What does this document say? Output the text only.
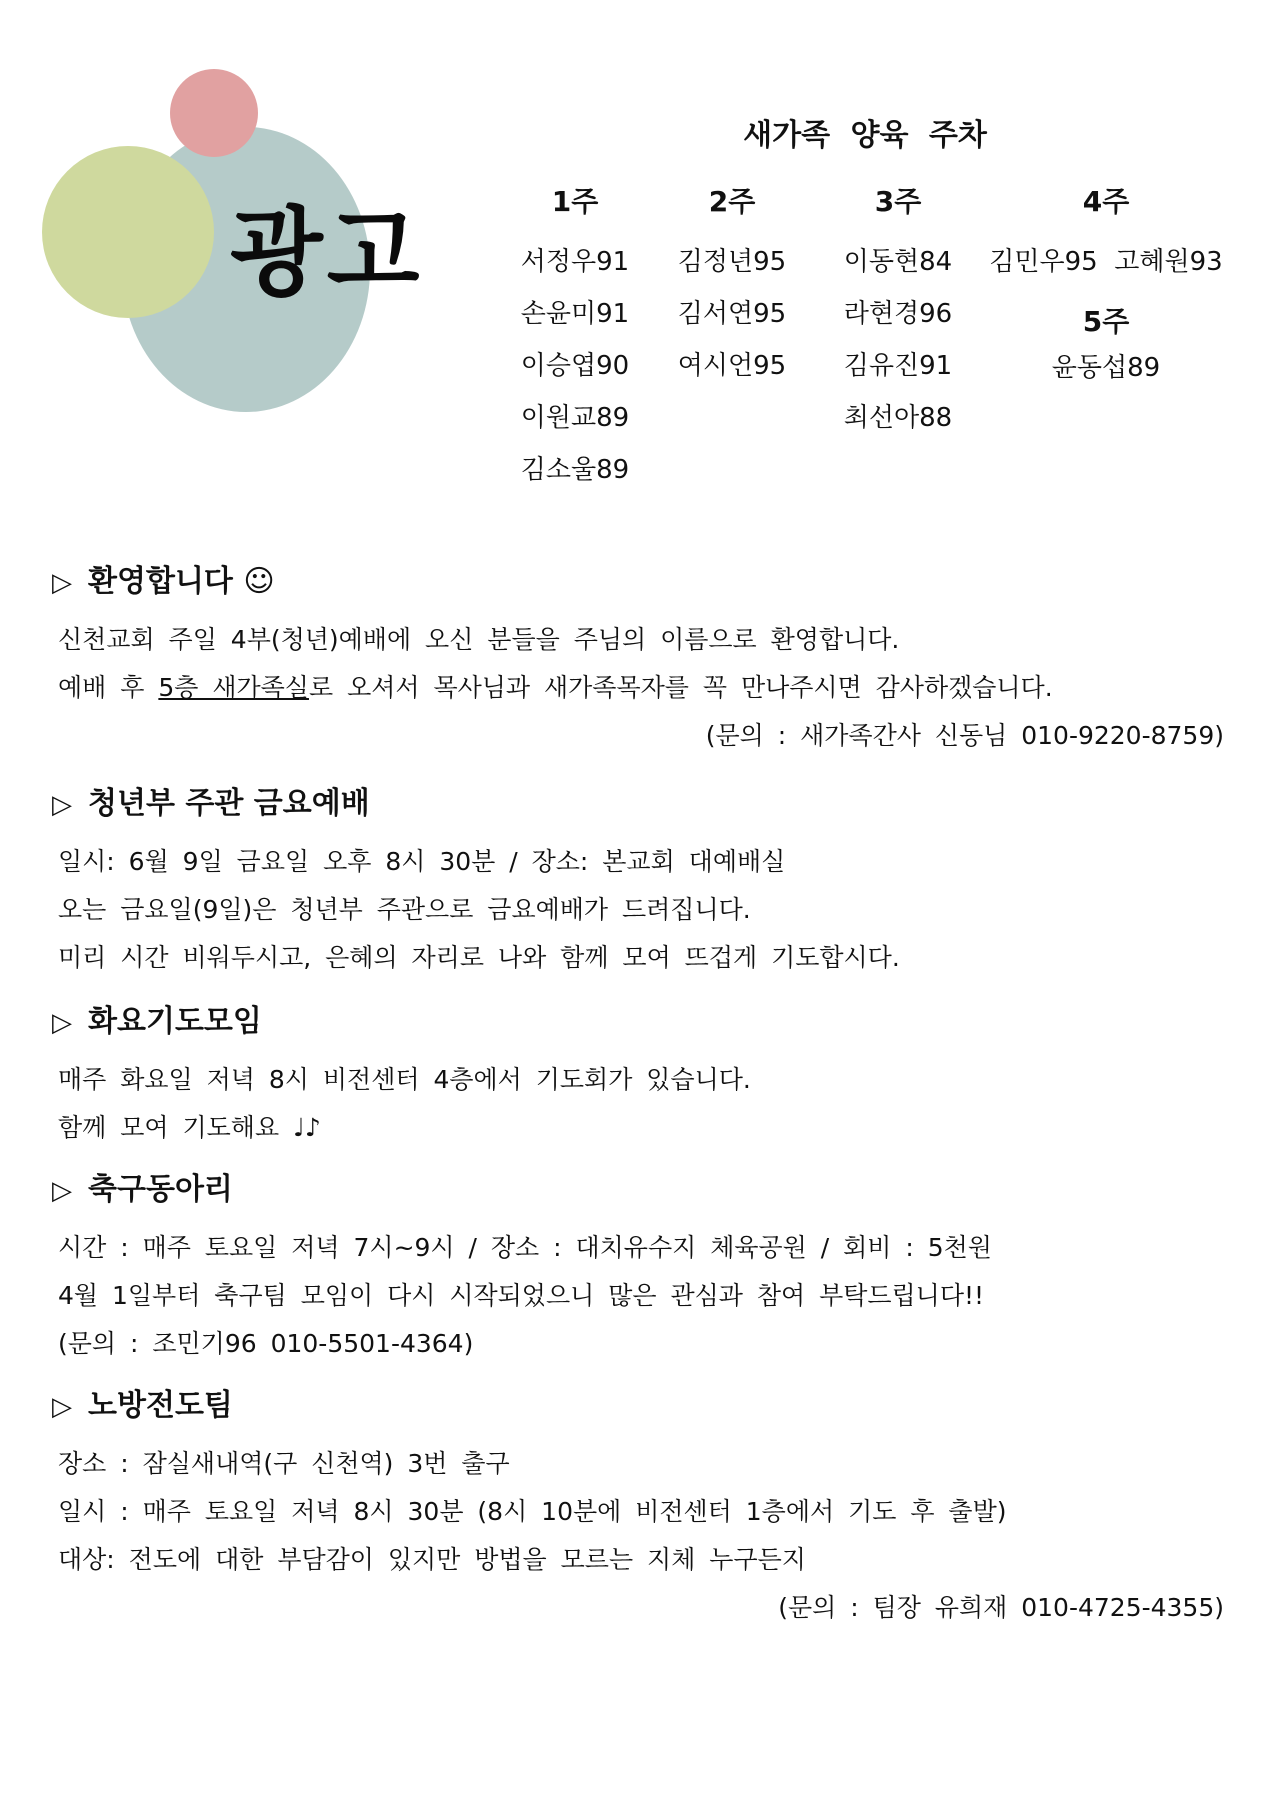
광고
새가족 양육 주차
1주
서정우91
손윤미91
이승엽90
이원교89
김소울89
2주
김정년95
김서연95
여시언95
3주
이동현84
라현경96
김유진91
최선아88
4주
김민우95  고혜원93
5주
윤동섭89
▷ 환영합니다 ☺
신천교회 주일 4부(청년)예배에 오신 분들을 주님의 이름으로 환영합니다.
예배 후 5층 새가족실로 오셔서 목사님과 새가족목자를 꼭 만나주시면 감사하겠습니다.
(문의 : 새가족간사 신동님 010-9220-8759)
▷ 청년부 주관 금요예배
일시: 6월 9일 금요일 오후 8시 30분 / 장소: 본교회 대예배실
오는 금요일(9일)은 청년부 주관으로 금요예배가 드려집니다.
미리 시간 비워두시고, 은혜의 자리로 나와 함께 모여 뜨겁게 기도합시다.
▷ 화요기도모임
매주 화요일 저녁 8시 비전센터 4층에서 기도회가 있습니다.
함께 모여 기도해요 ♩♪
▷ 축구동아리
시간 : 매주 토요일 저녁 7시~9시 / 장소 : 대치유수지 체육공원 / 회비 : 5천원
4월 1일부터 축구팀 모임이 다시 시작되었으니 많은 관심과 참여 부탁드립니다!!
(문의 : 조민기96 010-5501-4364)
▷ 노방전도팀
장소 : 잠실새내역(구 신천역) 3번 출구
일시 : 매주 토요일 저녁 8시 30분 (8시 10분에 비전센터 1층에서 기도 후 출발)
대상: 전도에 대한 부담감이 있지만 방법을 모르는 지체 누구든지
(문의 : 팀장 유희재 010-4725-4355)
